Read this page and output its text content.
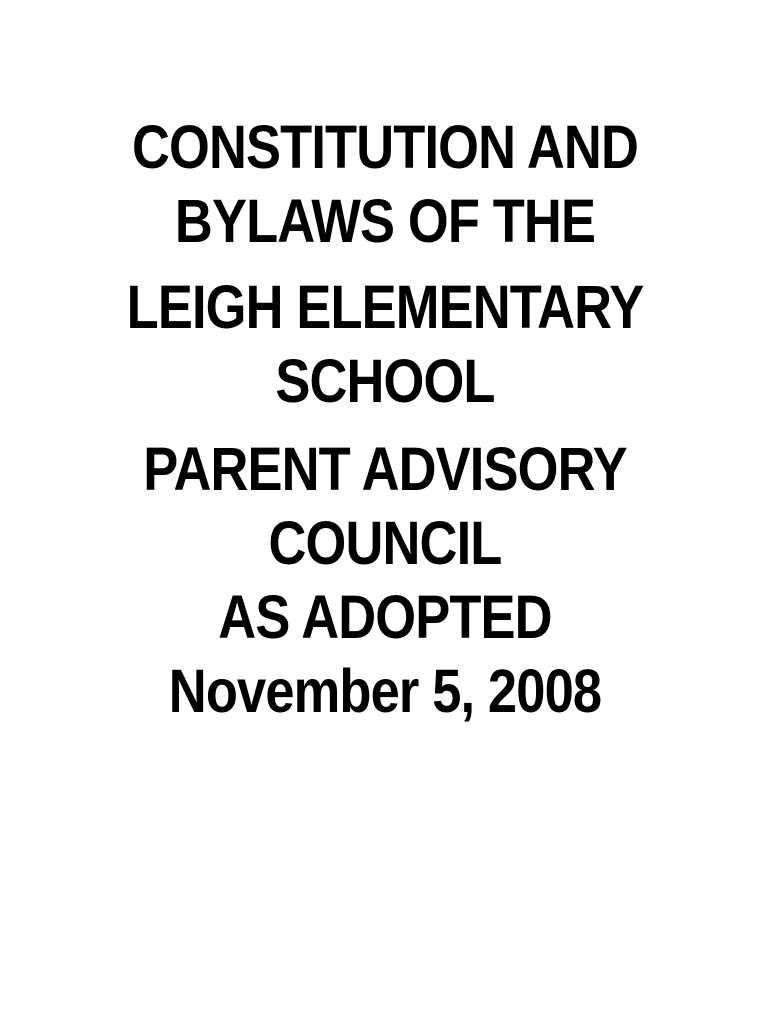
CONSTITUTION AND
BYLAWS OF THE
LEIGH ELEMENTARY
SCHOOL
PARENT ADVISORY
COUNCIL
AS ADOPTED
November 5, 2008
